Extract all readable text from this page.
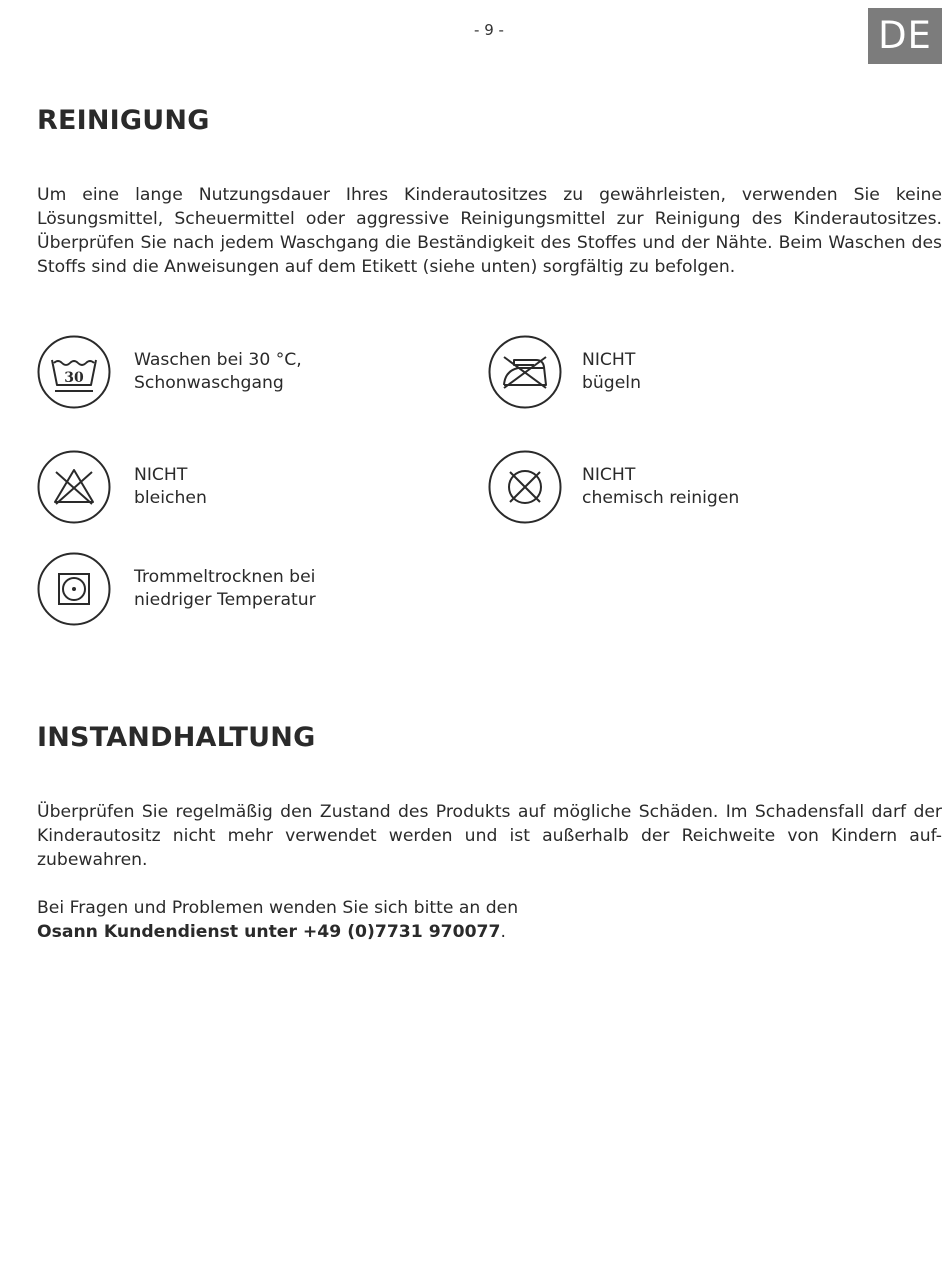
- 9 -	DE
REINIGUNG

Um eine lange Nutzungsdauer Ihres Kinderautositzes zu gewährleisten, verwenden Sie keine Lösungsmittel, Scheuermittel oder aggressive Reinigungsmittel zur Reinigung des Kinderautositzes. Überprüfen Sie nach jedem Waschgang die Beständigkeit des Stoffes und der Nähte. Beim Waschen des Stoffs sind die Anweisungen auf dem Etikett (siehe unten) sorgfältig zu befolgen.

30
Waschen bei 30 °C,
Schonwaschgang
NICHT
bügeln
NICHT
bleichen
NICHT
chemisch reinigen
Trommeltrocknen bei
niedriger Temperatur
INSTANDHALTUNG

Überprüfen Sie regelmäßig den Zustand des Produkts auf mögliche Schäden. Im Schadensfall darf der Kinderautositz nicht mehr verwendet werden und ist außerhalb der Reichweite von Kindern auf-zubewahren.

Bei Fragen und Problemen wenden Sie sich bitte an den
Osann Kundendienst unter +49 (0)7731 970077.
